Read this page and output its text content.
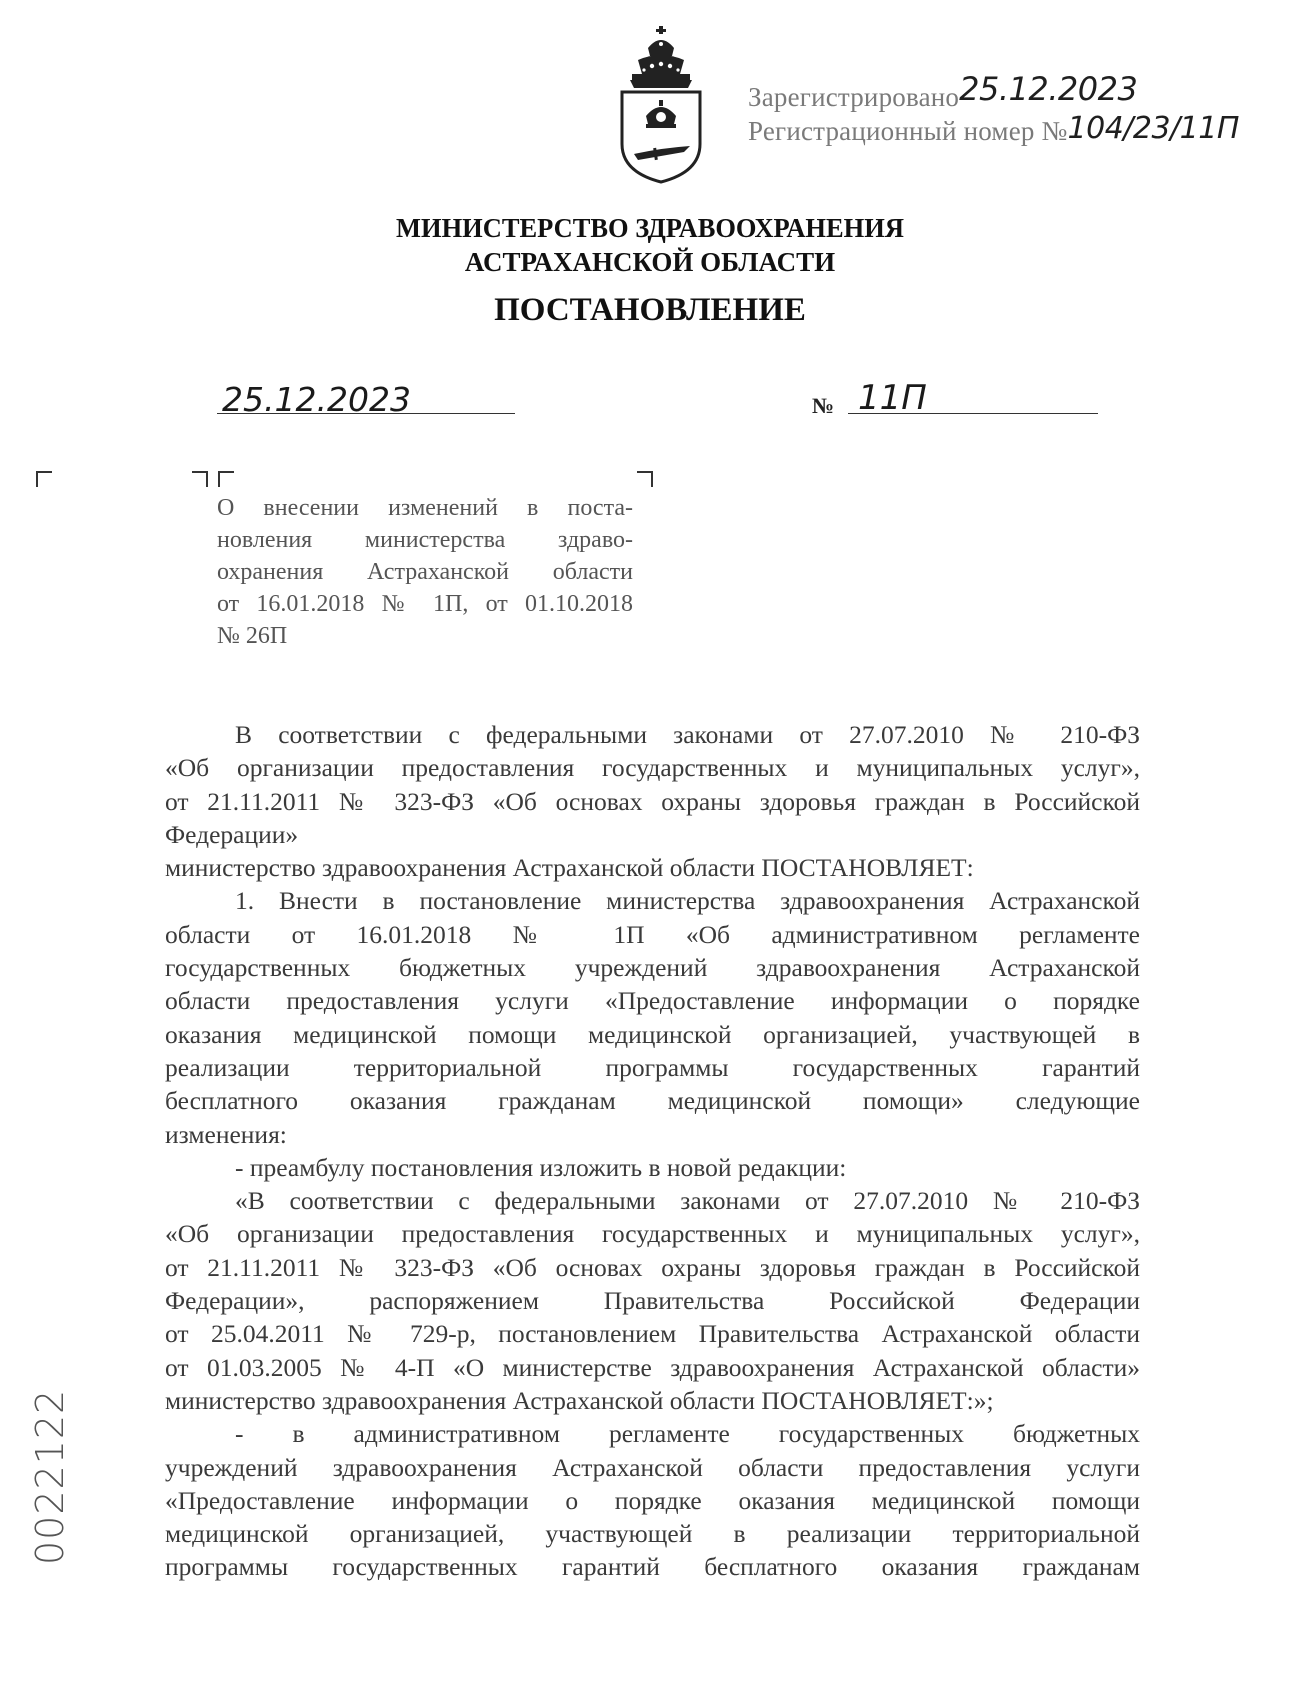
Зарегистрировано25.12.2023
Регистрационный номер №104/23/11П
МИНИСТЕРСТВО ЗДРАВООХРАНЕНИЯ
АСТРАХАНСКОЙ ОБЛАСТИ
ПОСТАНОВЛЕНИЕ
25.12.2023	№ 11П
О внесении изменений в поста-
новления министерства здраво-
охранения Астраханской области
от 16.01.2018 № 1П, от 01.10.2018
№ 26П
В соответствии с федеральными законами от 27.07.2010 № 210-ФЗ
«Об организации предоставления государственных и муниципальных услуг»,
от 21.11.2011 № 323-ФЗ «Об основах охраны здоровья граждан в Российской
Федерации»
министерство здравоохранения Астраханской области ПОСТАНОВЛЯЕТ:
1. Внести в постановление министерства здравоохранения Астраханской
области от 16.01.2018 № 1П «Об административном регламенте
государственных бюджетных учреждений здравоохранения Астраханской
области предоставления услуги «Предоставление информации о порядке
оказания медицинской помощи медицинской организацией, участвующей в
реализации территориальной программы государственных гарантий
бесплатного оказания гражданам медицинской помощи» следующие
изменения:
- преамбулу постановления изложить в новой редакции:
«В соответствии с федеральными законами от 27.07.2010 № 210-ФЗ
«Об организации предоставления государственных и муниципальных услуг»,
от 21.11.2011 № 323-ФЗ «Об основах охраны здоровья граждан в Российской
Федерации», распоряжением Правительства Российской Федерации
от 25.04.2011 № 729-р, постановлением Правительства Астраханской области
от 01.03.2005 № 4-П «О министерстве здравоохранения Астраханской области»
министерство здравоохранения Астраханской области ПОСТАНОВЛЯЕТ:»;
- в административном регламенте государственных бюджетных
учреждений здравоохранения Астраханской области предоставления услуги
«Предоставление информации о порядке оказания медицинской помощи
медицинской организацией, участвующей в реализации территориальной
программы государственных гарантий бесплатного оказания гражданам
0022122
